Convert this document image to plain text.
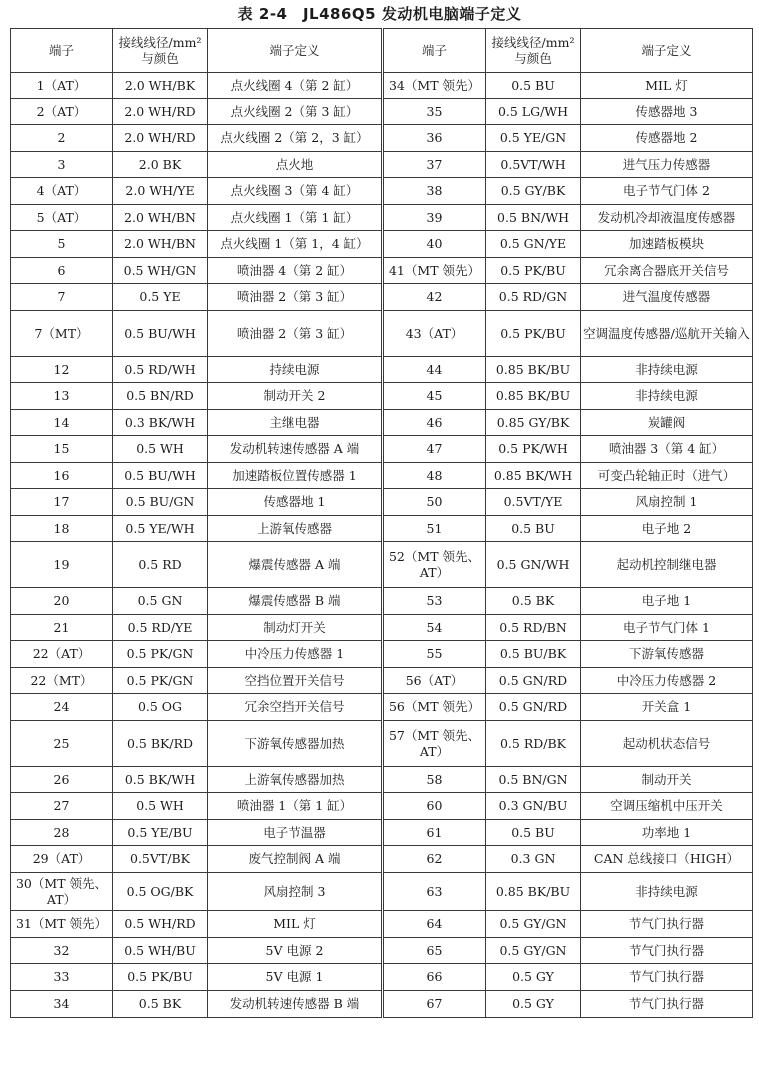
表 2-4　JL486Q5 发动机电脑端子定义
端子	接线线径/mm²与颜色	端子定义	端子	接线线径/mm²与颜色	端子定义
1（AT）	2.0 WH/BK	点火线圈 4（第 2 缸）	34（MT 领先）	0.5 BU	MIL 灯
2（AT）	2.0 WH/RD	点火线圈 2（第 3 缸）	35	0.5 LG/WH	传感器地 3
2	2.0 WH/RD	点火线圈 2（第 2，3 缸）	36	0.5 YE/GN	传感器地 2
3	2.0 BK	点火地	37	0.5VT/WH	进气压力传感器
4（AT）	2.0 WH/YE	点火线圈 3（第 4 缸）	38	0.5 GY/BK	电子节气门体 2
5（AT）	2.0 WH/BN	点火线圈 1（第 1 缸）	39	0.5 BN/WH	发动机冷却液温度传感器
5	2.0 WH/BN	点火线圈 1（第 1，4 缸）	40	0.5 GN/YE	加速踏板模块
6	0.5 WH/GN	喷油器 4（第 2 缸）	41（MT 领先）	0.5 PK/BU	冗余离合器底开关信号
7	0.5 YE	喷油器 2（第 3 缸）	42	0.5 RD/GN	进气温度传感器
7（MT）	0.5 BU/WH	喷油器 2（第 3 缸）	43（AT）	0.5 PK/BU	空调温度传感器/巡航开关输入
12	0.5 RD/WH	持续电源	44	0.85 BK/BU	非持续电源
13	0.5 BN/RD	制动开关 2	45	0.85 BK/BU	非持续电源
14	0.3 BK/WH	主继电器	46	0.85 GY/BK	炭罐阀
15	0.5 WH	发动机转速传感器 A 端	47	0.5 PK/WH	喷油器 3（第 4 缸）
16	0.5 BU/WH	加速踏板位置传感器 1	48	0.85 BK/WH	可变凸轮轴正时（进气）
17	0.5 BU/GN	传感器地 1	50	0.5VT/YE	风扇控制 1
18	0.5 YE/WH	上游氧传感器	51	0.5 BU	电子地 2
19	0.5 RD	爆震传感器 A 端	52（MT 领先、AT）	0.5 GN/WH	起动机控制继电器
20	0.5 GN	爆震传感器 B 端	53	0.5 BK	电子地 1
21	0.5 RD/YE	制动灯开关	54	0.5 RD/BN	电子节气门体 1
22（AT）	0.5 PK/GN	中冷压力传感器 1	55	0.5 BU/BK	下游氧传感器
22（MT）	0.5 PK/GN	空挡位置开关信号	56（AT）	0.5 GN/RD	中冷压力传感器 2
24	0.5 OG	冗余空挡开关信号	56（MT 领先）	0.5 GN/RD	开关盒 1
25	0.5 BK/RD	下游氧传感器加热	57（MT 领先、AT）	0.5 RD/BK	起动机状态信号
26	0.5 BK/WH	上游氧传感器加热	58	0.5 BN/GN	制动开关
27	0.5 WH	喷油器 1（第 1 缸）	60	0.3 GN/BU	空调压缩机中压开关
28	0.5 YE/BU	电子节温器	61	0.5 BU	功率地 1
29（AT）	0.5VT/BK	废气控制阀 A 端	62	0.3 GN	CAN 总线接口（HIGH）
30（MT 领先、AT）	0.5 OG/BK	风扇控制 3	63	0.85 BK/BU	非持续电源
31（MT 领先）	0.5 WH/RD	MIL 灯	64	0.5 GY/GN	节气门执行器
32	0.5 WH/BU	5V 电源 2	65	0.5 GY/GN	节气门执行器
33	0.5 PK/BU	5V 电源 1	66	0.5 GY	节气门执行器
34	0.5 BK	发动机转速传感器 B 端	67	0.5 GY	节气门执行器
